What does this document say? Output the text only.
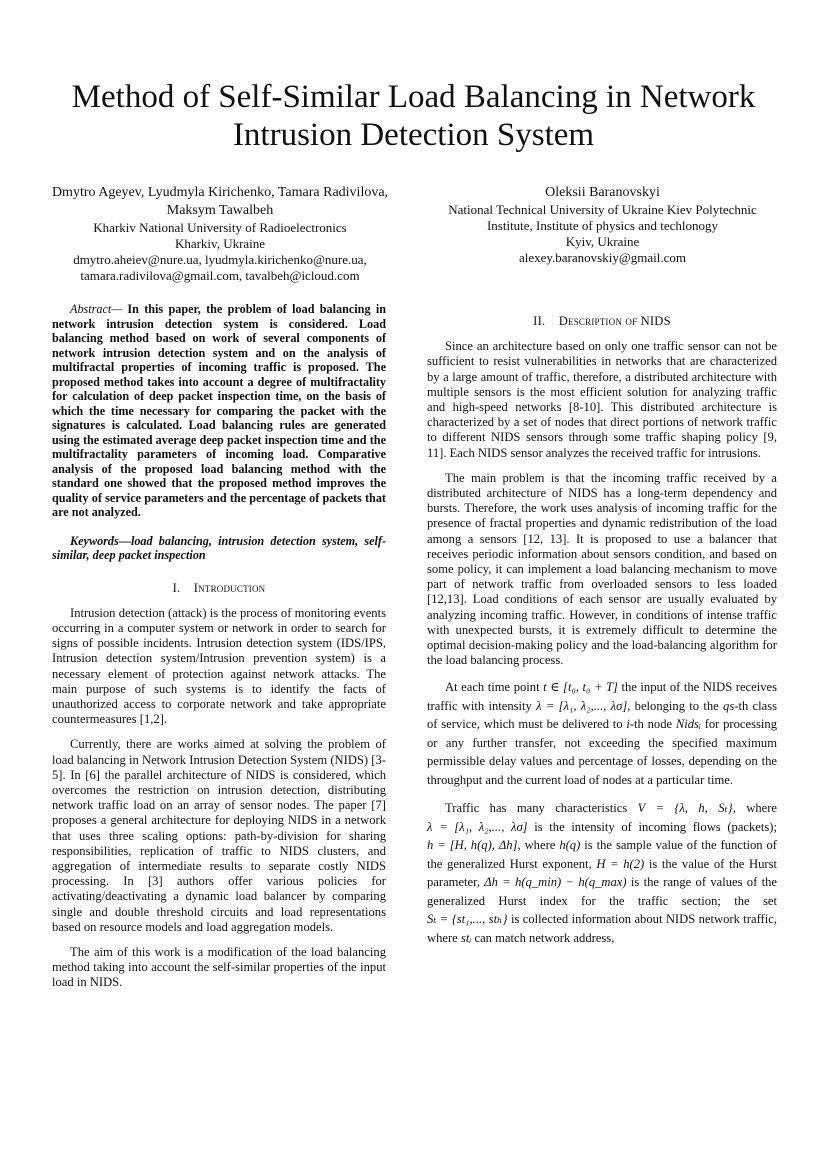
Method of Self-Similar Load Balancing in Network Intrusion Detection System
Dmytro Ageyev, Lyudmyla Kirichenko, Tamara Radivilova, Maksym Tawalbeh
Kharkiv National University of Radioelectronics
Kharkiv, Ukraine
dmytro.aheiev@nure.ua, lyudmyla.kirichenko@nure.ua, tamara.radivilova@gmail.com, tavalbeh@icloud.com
Oleksii Baranovskyi
National Technical University of Ukraine Kiev Polytechnic Institute, Institute of physics and techlonogy
Kyiv, Ukraine
alexey.baranovskiy@gmail.com

Abstract— In this paper, the problem of load balancing in network intrusion detection system is considered. Load balancing method based on work of several components of network intrusion detection system and on the analysis of multifractal properties of incoming traffic is proposed. The proposed method takes into account a degree of multifractality for calculation of deep packet inspection time, on the basis of which the time necessary for comparing the packet with the signatures is calculated. Load balancing rules are generated using the estimated average deep packet inspection time and the multifractality parameters of incoming load. Comparative analysis of the proposed load balancing method with the standard one showed that the proposed method improves the quality of service parameters and the percentage of packets that are not analyzed.

Keywords—load balancing, intrusion detection system, self-similar, deep packet inspection

I. Introduction

Intrusion detection (attack) is the process of monitoring events occurring in a computer system or network in order to search for signs of possible incidents. Intrusion detection system (IDS/IPS, Intrusion detection system/Intrusion prevention system) is a necessary element of protection against network attacks. The main purpose of such systems is to identify the facts of unauthorized access to corporate network and take appropriate countermeasures [1,2].

Currently, there are works aimed at solving the problem of load balancing in Network Intrusion Detection System (NIDS) [3-5]. In [6] the parallel architecture of NIDS is considered, which overcomes the restriction on intrusion detection, distributing network traffic load on an array of sensor nodes. The paper [7] proposes a general architecture for deploying NIDS in a network that uses three scaling options: path-by-division for sharing responsibilities, replication of traffic to NIDS clusters, and aggregation of intermediate results to separate costly NIDS processing. In [3] authors offer various policies for activating/deactivating a dynamic load balancer by comparing single and double threshold circuits and load representations based on resource models and load aggregation models.

The aim of this work is a modification of the load balancing method taking into account the self-similar properties of the input load in NIDS.

II. Description of NIDS

Since an architecture based on only one traffic sensor can not be sufficient to resist vulnerabilities in networks that are characterized by a large amount of traffic, therefore, a distributed architecture with multiple sensors is the most efficient solution for analyzing traffic and high-speed networks [8-10]. This distributed architecture is characterized by a set of nodes that direct portions of network traffic to different NIDS sensors through some traffic shaping policy [9, 11]. Each NIDS sensor analyzes the received traffic for intrusions.

The main problem is that the incoming traffic received by a distributed architecture of NIDS has a long-term dependency and bursts. Therefore, the work uses analysis of incoming traffic for the presence of fractal properties and dynamic redistribution of the load among a sensors [12, 13]. It is proposed to use a balancer that receives periodic information about sensors condition, and based on some policy, it can implement a load balancing mechanism to move part of network traffic from overloaded sensors to less loaded [12,13]. Load conditions of each sensor are usually evaluated by analyzing incoming traffic. However, in conditions of intense traffic with unexpected bursts, it is extremely difficult to determine the optimal decision-making policy and the load-balancing algorithm for the load balancing process.

At each time point t ∈ [t₀, t₀ + T] the input of the NIDS receives traffic with intensity λ = [λ₁, λ₂,..., λσ], belonging to the qs-th class of service, which must be delivered to i-th node Nidsᵢ for processing or any further transfer, not exceeding the specified maximum permissible delay values and percentage of losses, depending on the throughput and the current load of nodes at a particular time.

Traffic has many characteristics V = {λ, h, Sₜ}, where λ = [λ₁, λ₂,..., λσ] is the intensity of incoming flows (packets); h = [H, h(q), Δh], where h(q) is the sample value of the function of the generalized Hurst exponent, H = h(2) is the value of the Hurst parameter, Δh = h(q_min) − h(q_max) is the range of values of the generalized Hurst index for the traffic section; the set Sₜ = {st₁,..., stₕ} is collected information about NIDS network traffic, where stᵢ can match network address,
